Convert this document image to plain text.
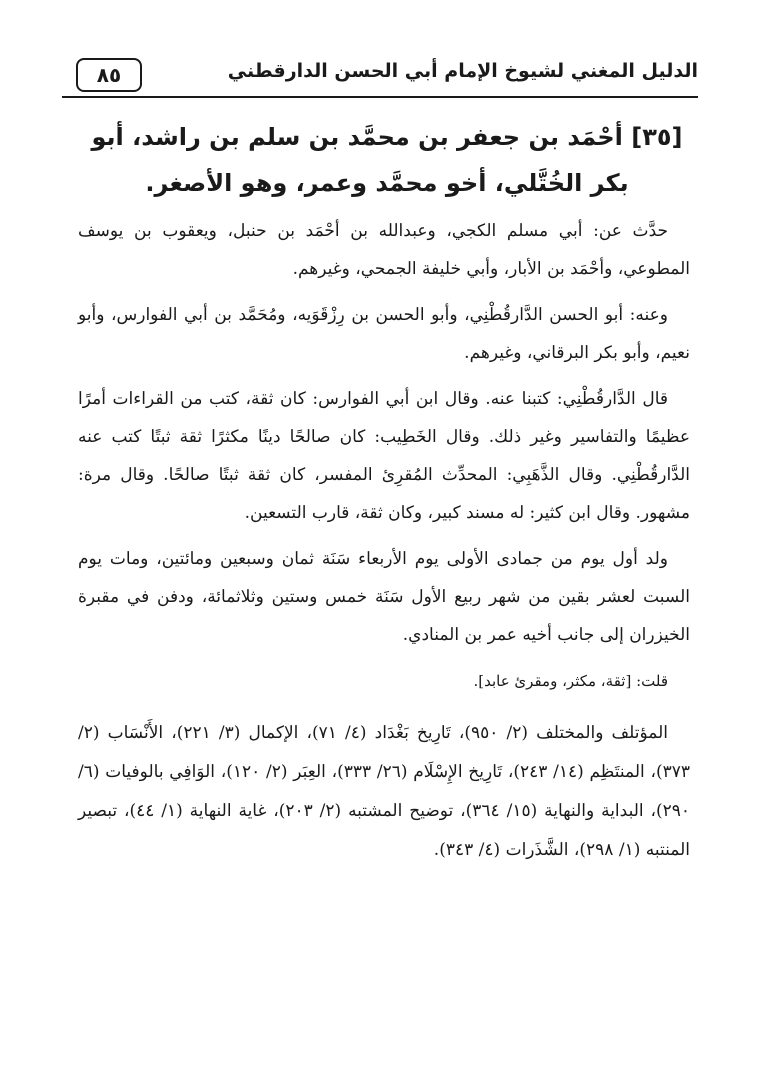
الدليل المغني لشيوخ الإمام أبي الحسن الدارقطني
٨٥
[٣٥] أحْمَد بن جعفر بن محمَّد بن سلم بن راشد، أبو بكر الخُتَّلي، أخو محمَّد وعمر، وهو الأصغر.

حدَّث عن: أبي مسلم الكجي، وعبدالله بن أحْمَد بن حنبل، ويعقوب بن يوسف المطوعي، وأحْمَد بن الأبار، وأبي خليفة الجمحي، وغيرهم.

وعنه: أبو الحسن الدَّارقُطْنِي، وأبو الحسن بن رِزْقَوَيه، ومُحَمَّد بن أبي الفوارس، وأبو نعيم، وأبو بكر البرقاني، وغيرهم.

قال الدَّارقُطْنِي: كتبنا عنه. وقال ابن أبي الفوارس: كان ثقة، كتب من القراءات أمرًا عظيمًا والتفاسير وغير ذلك. وقال الخَطِيب: كان صالحًا دينًا مكثرًا ثقة ثبتًا كتب عنه الدَّارقُطْنِي. وقال الذَّهَبِي: المحدِّث المُقرِئ المفسر، كان ثقة ثبتًا صالحًا. وقال مرة: مشهور. وقال ابن كثير: له مسند كبير، وكان ثقة، قارب التسعين.

ولد أول يوم من جمادى الأولى يوم الأربعاء سَنَة ثمان وسبعين ومائتين، ومات يوم السبت لعشر بقين من شهر ربيع الأول سَنَة خمس وستين وثلاثمائة، ودفن في مقبرة الخيزران إلى جانب أخيه عمر بن المنادي.

قلت: [ثقة، مكثر، ومقرئ عابد].

المؤتلف والمختلف (٢/ ٩٥٠)، تَارِيخ بَغْدَاد (٤/ ٧١)، الإكمال (٣/ ٢٢١)، الأَنْسَاب (٢/ ٣٧٣)، المنتَظِم (١٤/ ٢٤٣)، تَارِيخ الإِسْلَام (٢٦/ ٣٣٣)، العِبَر (٢/ ١٢٠)، الوَافِي بالوفيات (٦/ ٢٩٠)، البداية والنهاية (١٥/ ٣٦٤)، توضيح المشتبه (٢/ ٢٠٣)، غاية النهاية (١/ ٤٤)، تبصير المنتبه (١/ ٢٩٨)، الشَّذَرات (٤/ ٣٤٣).
